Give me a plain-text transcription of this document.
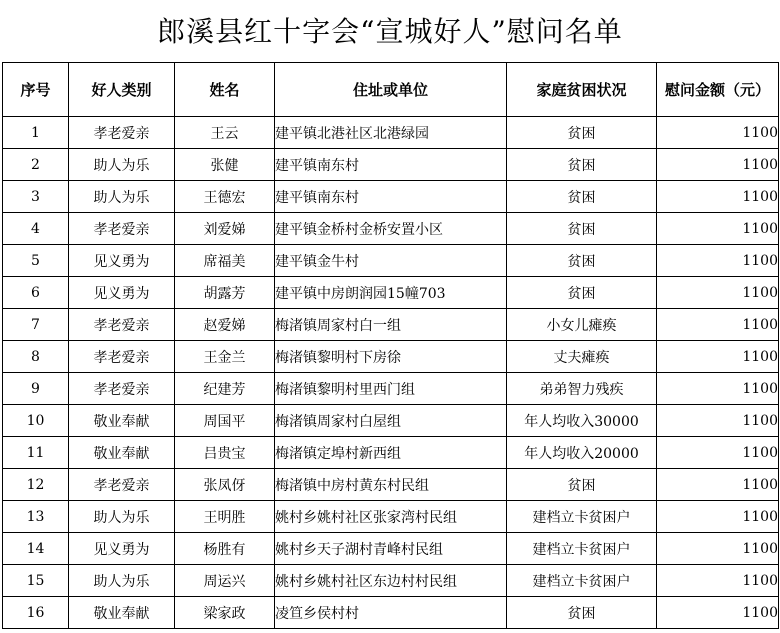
郎溪县红十字会“宣城好人”慰问名单
序号	好人类别	姓名	住址或单位	家庭贫困状况	慰问金额（元）
1	孝老爱亲	王云	建平镇北港社区北港绿园	贫困	1100
2	助人为乐	张健	建平镇南东村	贫困	1100
3	助人为乐	王德宏	建平镇南东村	贫困	1100
4	孝老爱亲	刘爱娣	建平镇金桥村金桥安置小区	贫困	1100
5	见义勇为	席福美	建平镇金牛村	贫困	1100
6	见义勇为	胡露芳	建平镇中房朗润园15幢703	贫困	1100
7	孝老爱亲	赵爱娣	梅渚镇周家村白一组	小女儿瘫痪	1100
8	孝老爱亲	王金兰	梅渚镇黎明村下房徐	丈夫瘫痪	1100
9	孝老爱亲	纪建芳	梅渚镇黎明村里西门组	弟弟智力残疾	1100
10	敬业奉献	周国平	梅渚镇周家村白屋组	年人均收入30000	1100
11	敬业奉献	吕贵宝	梅渚镇定埠村新西组	年人均收入20000	1100
12	孝老爱亲	张凤伢	梅渚镇中房村黄东村民组	贫困	1100
13	助人为乐	王明胜	姚村乡姚村社区张家湾村民组	建档立卡贫困户	1100
14	见义勇为	杨胜有	姚村乡天子湖村青峰村民组	建档立卡贫困户	1100
15	助人为乐	周运兴	姚村乡姚村社区东边村村民组	建档立卡贫困户	1100
16	敬业奉献	梁家政	凌笪乡侯村村	贫困	1100
